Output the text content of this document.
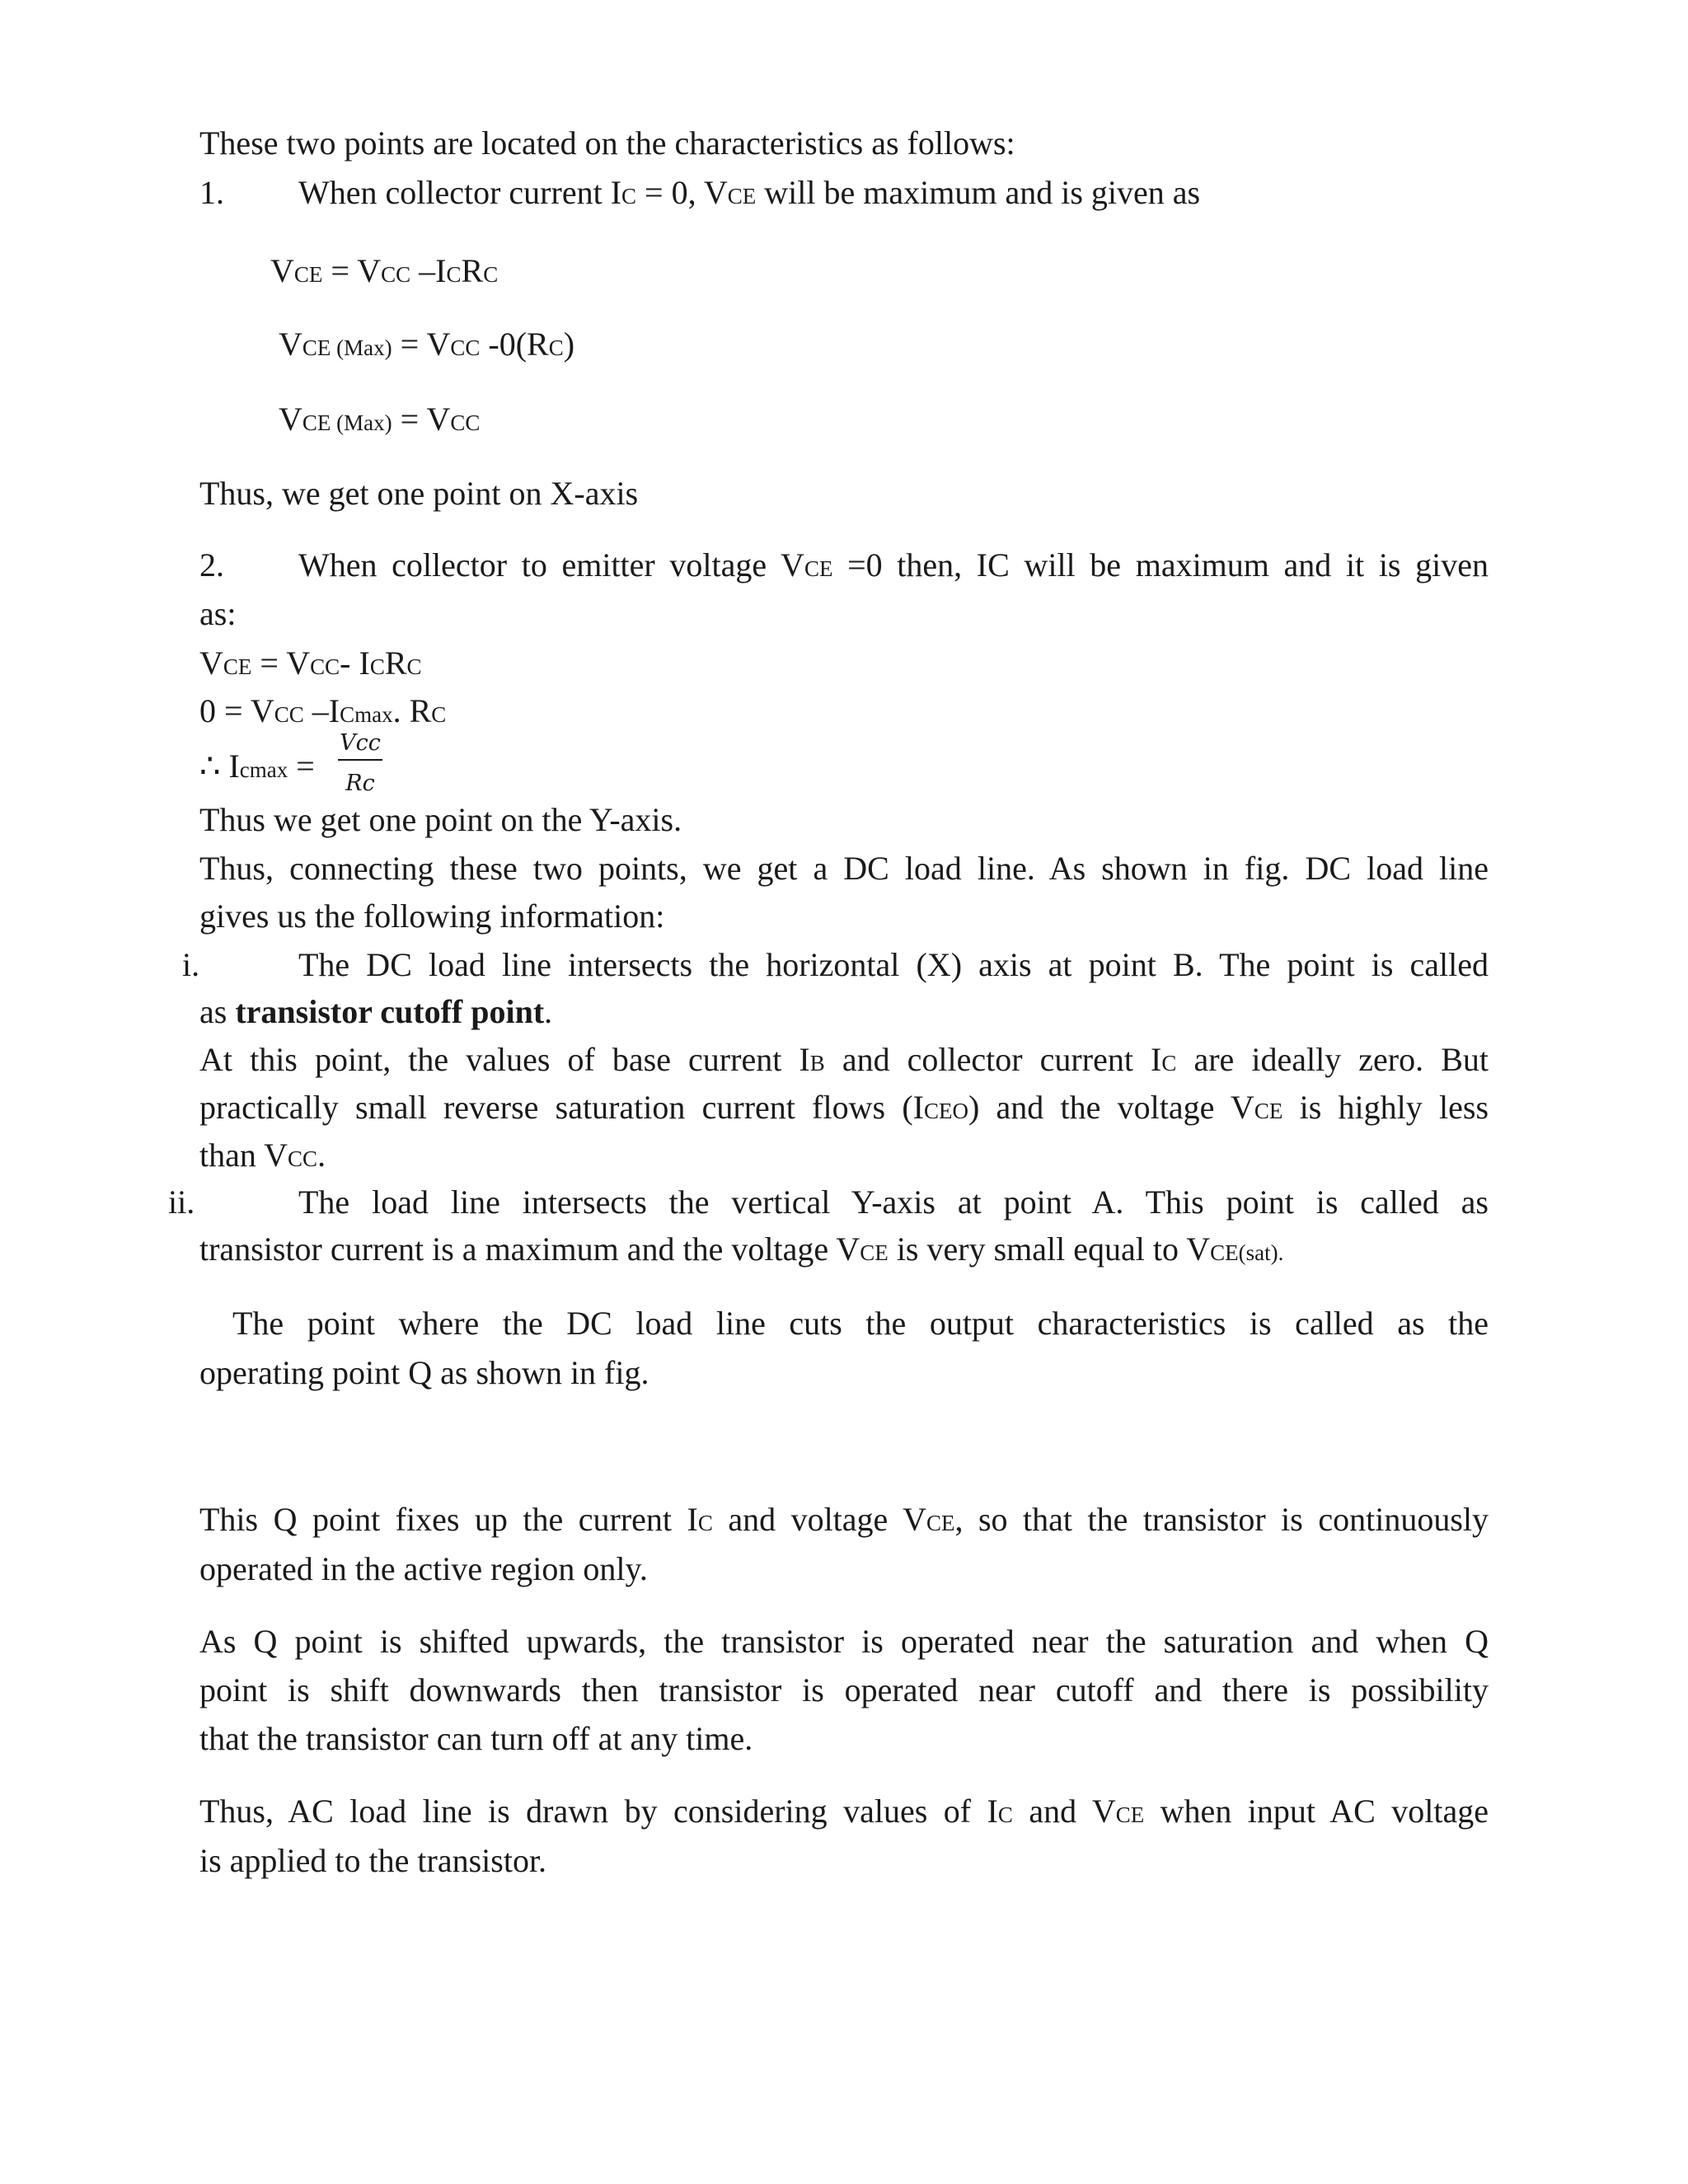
These two points are located on the characteristics as follows:
1. When collector current IC = 0, VCE will be maximum and is given as
VCE = VCC –ICRC
VCE (Max) = VCC -0(RC)
VCE (Max) = VCC
Thus, we get one point on X-axis
2. When collector to emitter voltage VCE =0 then, IC will be maximum and it is given
as:
VCE = VCC- ICRC
0 = VCC –ICmax. RC
∴ Icmax =
Vcc
Rc
Thus we get one point on the Y-axis.
Thus, connecting these two points, we get a DC load line. As shown in fig. DC load line
gives us the following information:
i.	The DC load line intersects the horizontal (X) axis at point B. The point is called
as transistor cutoff point.
At this point, the values of base current IB and collector current IC are ideally zero. But
practically small reverse saturation current flows (ICEO) and the voltage VCE is highly less
than VCC.
ii.	The load line intersects the vertical Y-axis at point A. This point is called as
transistor current is a maximum and the voltage VCE is very small equal to VCE(sat).
The point where the DC load line cuts the output characteristics is called as the
operating point Q as shown in fig.
This Q point fixes up the current IC and voltage VCE, so that the transistor is continuously
operated in the active region only.
As Q point is shifted upwards, the transistor is operated near the saturation and when Q
point is shift downwards then transistor is operated near cutoff and there is possibility
that the transistor can turn off at any time.
Thus, AC load line is drawn by considering values of IC and VCE when input AC voltage
is applied to the transistor.
